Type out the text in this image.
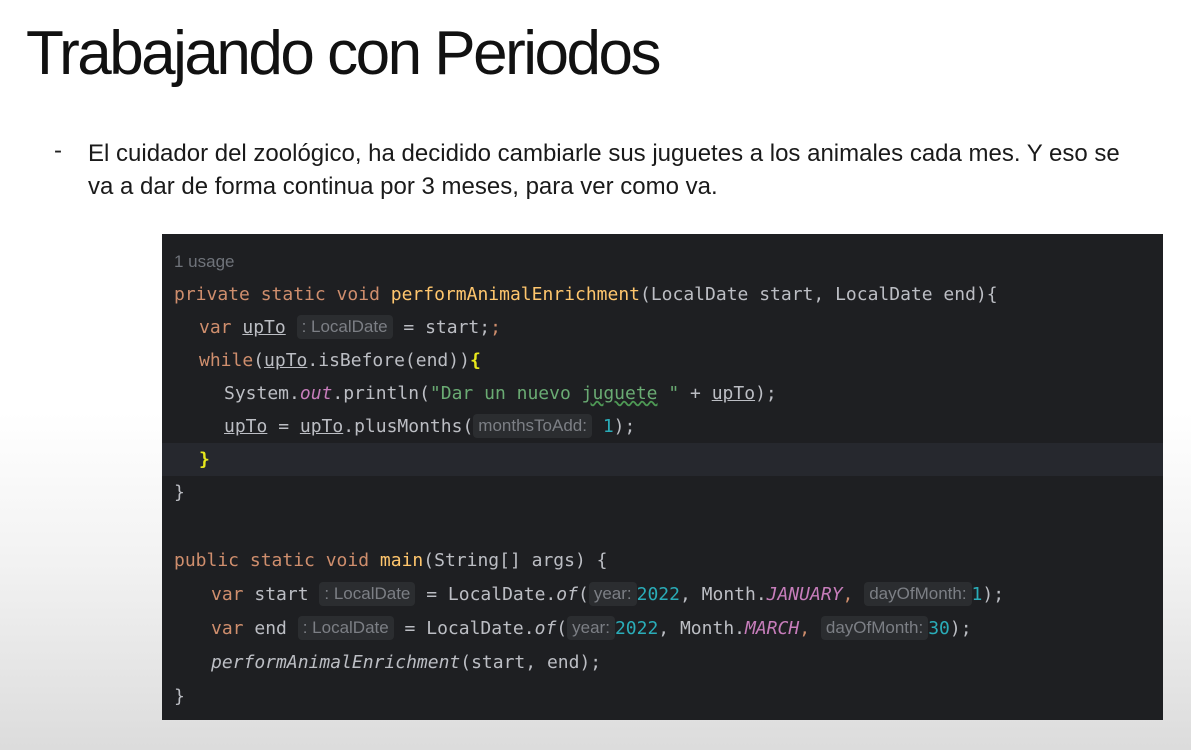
Trabajando con Periodos
- El cuidador del zoológico, ha decidido cambiarle sus juguetes a los animales cada mes. Y eso se va a dar de forma continua por 3 meses, para ver como va.
1 usage
private static void performAnimalEnrichment(LocalDate start, LocalDate end){
var upTo : LocalDate = start;;
while(upTo.isBefore(end)){
System.out.println("Dar un nuevo juguete " + upTo);
upTo = upTo.plusMonths( monthsToAdd: 1);
}
}
public static void main(String[] args) {
var start : LocalDate = LocalDate.of( year: 2022, Month.JANUARY, dayOfMonth: 1);
var end : LocalDate = LocalDate.of( year: 2022, Month.MARCH, dayOfMonth: 30);
performAnimalEnrichment(start, end);
}
